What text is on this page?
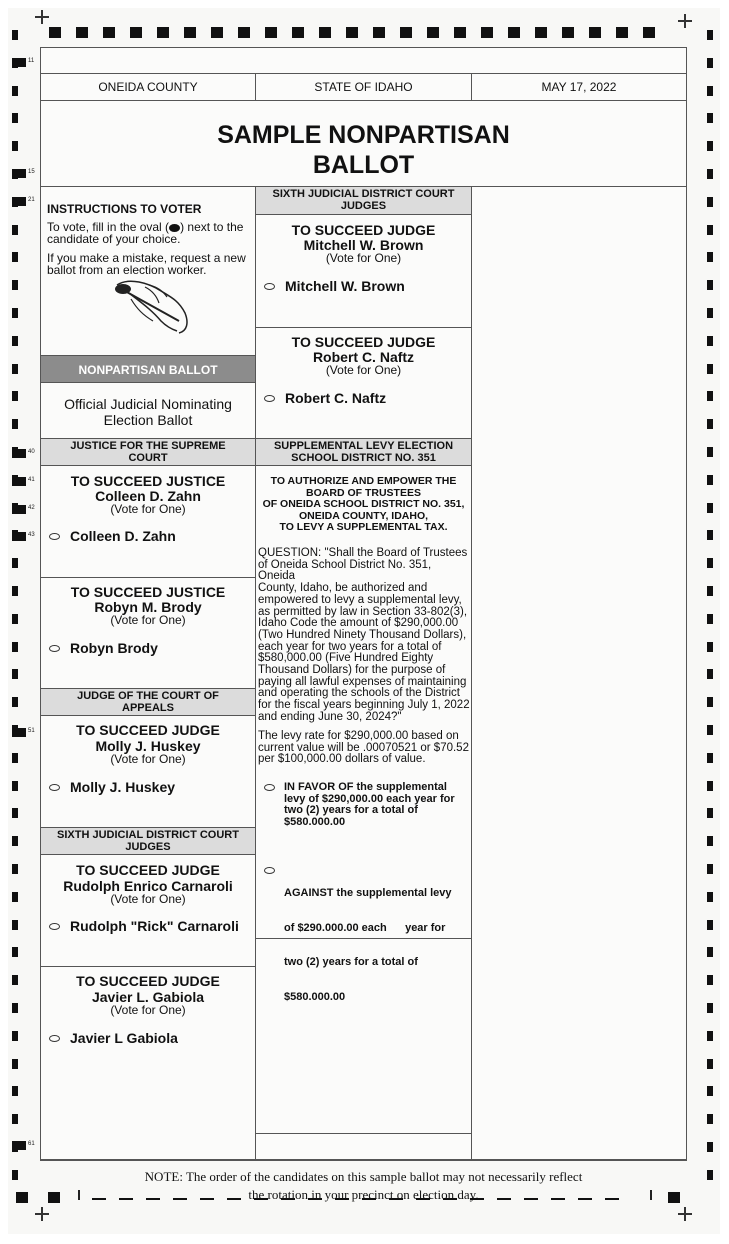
11
15
21
40
41
42
43
51
61
ONEIDA COUNTY	STATE OF IDAHO	MAY 17, 2022
SAMPLE NONPARTISAN
BALLOT
INSTRUCTIONS TO VOTER
To vote, fill in the oval ( ) next to the
candidate of your choice.
If you make a mistake, request a new
ballot from an election worker.
NONPARTISAN BALLOT
Official Judicial Nominating
Election Ballot
JUSTICE FOR THE SUPREME
COURT
TO SUCCEED JUSTICE
Colleen D. Zahn
(Vote for One)
Colleen D. Zahn
TO SUCCEED JUSTICE
Robyn M. Brody
(Vote for One)
Robyn Brody
JUDGE OF THE COURT OF
APPEALS
TO SUCCEED JUDGE
Molly J. Huskey
(Vote for One)
Molly J. Huskey
SIXTH JUDICIAL DISTRICT COURT
JUDGES
TO SUCCEED JUDGE
Rudolph Enrico Carnaroli
(Vote for One)
Rudolph "Rick" Carnaroli
TO SUCCEED JUDGE
Javier L. Gabiola
(Vote for One)
Javier L Gabiola
SIXTH JUDICIAL DISTRICT COURT
JUDGES
TO SUCCEED JUDGE
Mitchell W. Brown
(Vote for One)
Mitchell W. Brown
TO SUCCEED JUDGE
Robert C. Naftz
(Vote for One)
Robert C. Naftz
SUPPLEMENTAL LEVY ELECTION
SCHOOL DISTRICT NO. 351
TO AUTHORIZE AND EMPOWER THE
BOARD OF TRUSTEES
OF ONEIDA SCHOOL DISTRICT NO. 351,
ONEIDA COUNTY, IDAHO,
TO LEVY A SUPPLEMENTAL TAX.
QUESTION: "Shall the Board of Trustees
of Oneida School District No. 351, Oneida
County, Idaho, be authorized and
empowered to levy a supplemental levy,
as permitted by law in Section 33-802(3),
Idaho Code the amount of $290,000.00
(Two Hundred Ninety Thousand Dollars),
each year for two years for a total of
$580,000.00 (Five Hundred Eighty
Thousand Dollars) for the purpose of
paying all lawful expenses of maintaining
and operating the schools of the District
for the fiscal years beginning July 1, 2022
and ending June 30, 2024?"
The levy rate for $290,000.00 based on
current value will be .00070521 or $70.52
per $100,000.00 dollars of value.
IN FAVOR OF the supplemental
levy of $290,000.00 each year for
two (2) years for a total of
$580.000.00

AGAINST the supplemental levy

of $290.000.00 each      year for

two (2) years for a total of

$580.000.00

NOTE: The order of the candidates on this sample ballot may not necessarily reflect
the rotation in your precinct on election day.
